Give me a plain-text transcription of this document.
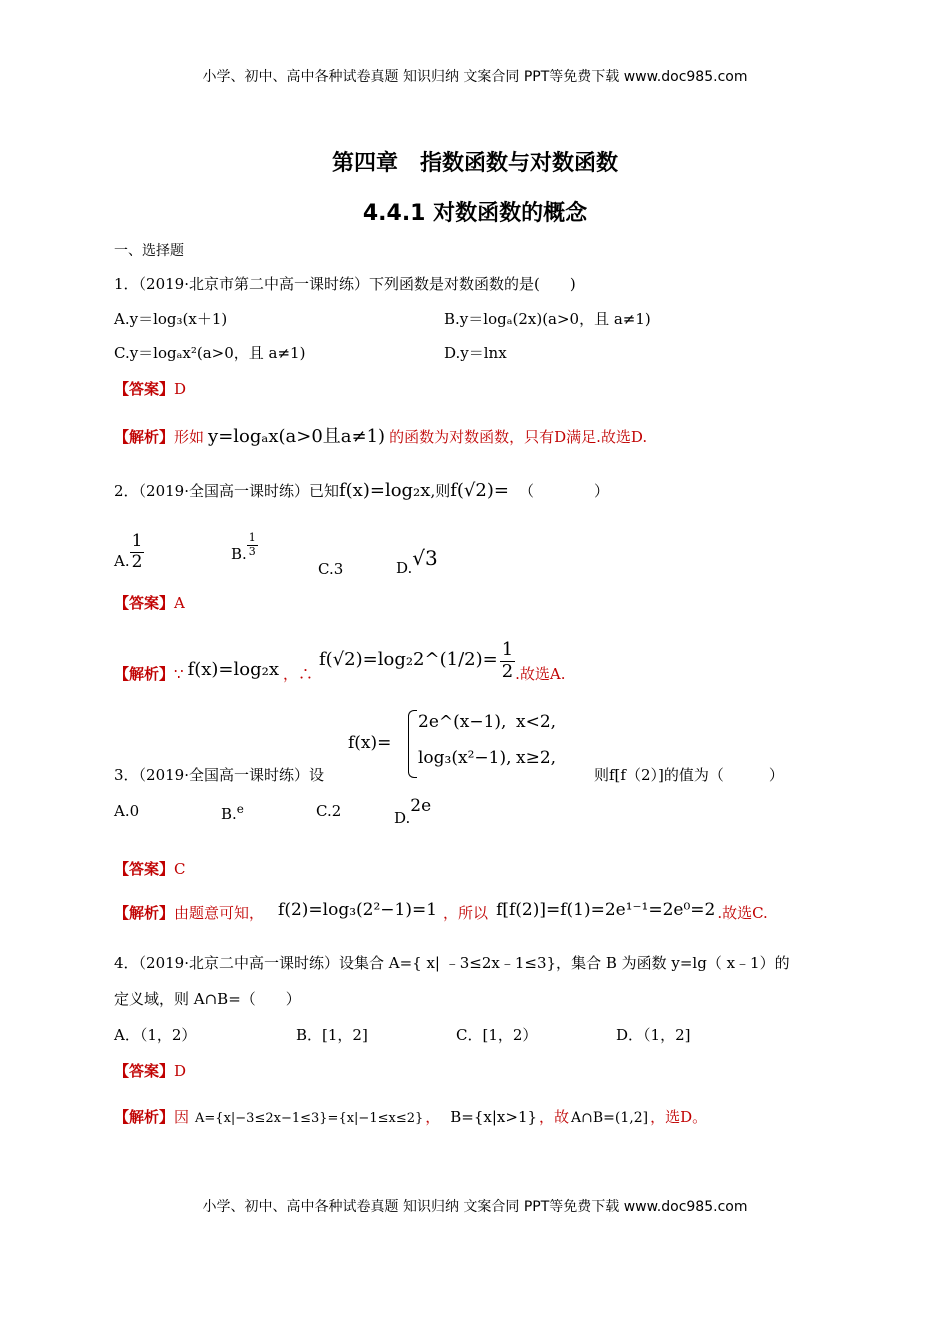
小学、初中、高中各种试卷真题 知识归纳 文案合同 PPT等免费下载 www.doc985.com
小学、初中、高中各种试卷真题 知识归纳 文案合同 PPT等免费下载 www.doc985.com
第四章　指数函数与对数函数
4.4.1 对数函数的概念
一、选择题
1．（2019·北京市第二中高一课时练）下列函数是对数函数的是(　　)
A.y＝log₃(x＋1)	B.y＝logₐ(2x)(a>0，且 a≠1)
C.y＝logₐx²(a>0，且 a≠1)	D.y＝lnx
【答案】D
【解析】形如 y=logₐx(a>0且a≠1) 的函数为对数函数，只有D满足.故选D.
2．（2019·全国高一课时练）已知f(x)=log₂x,则f(√2)= （　　　　）
A. $\frac{1}{2}$	B. $\frac{1}{3}$
C.3	D.√3
【答案】A
【解析】∵ f(x)=log₂x ，∴f(√2)=log₂2^(1/2)= $\frac{1}{2}$ .故选A.
3．（2019·全国高一课时练）设
f(x)=
2e^(x−1), x<2,
log₃(x²−1), x≥2,
则f[f（2）]的值为（　　　）
A.0	B.$^e$	C.2	D.2e
【答案】C
【解析】由题意可知， f(2)=log₃(2²−1)=1 ，所以 f[f(2)]=f(1)=2e¹⁻¹=2e⁰=2 .故选C.
4．（2019·北京二中高一课时练）设集合 A={ x| ﹣3≤2x﹣1≤3}，集合 B 为函数 y=lg（ x﹣1）的
定义域，则 A∩B=（　　）
A．（1，2）	B．[1，2]	C．[1，2）	D．（1，2]
【答案】D
【解析】因 A={x|−3≤2x−1≤3}={x|−1≤x≤2} ， B={x|x>1} ，故 A∩B=(1,2] ，选D。
